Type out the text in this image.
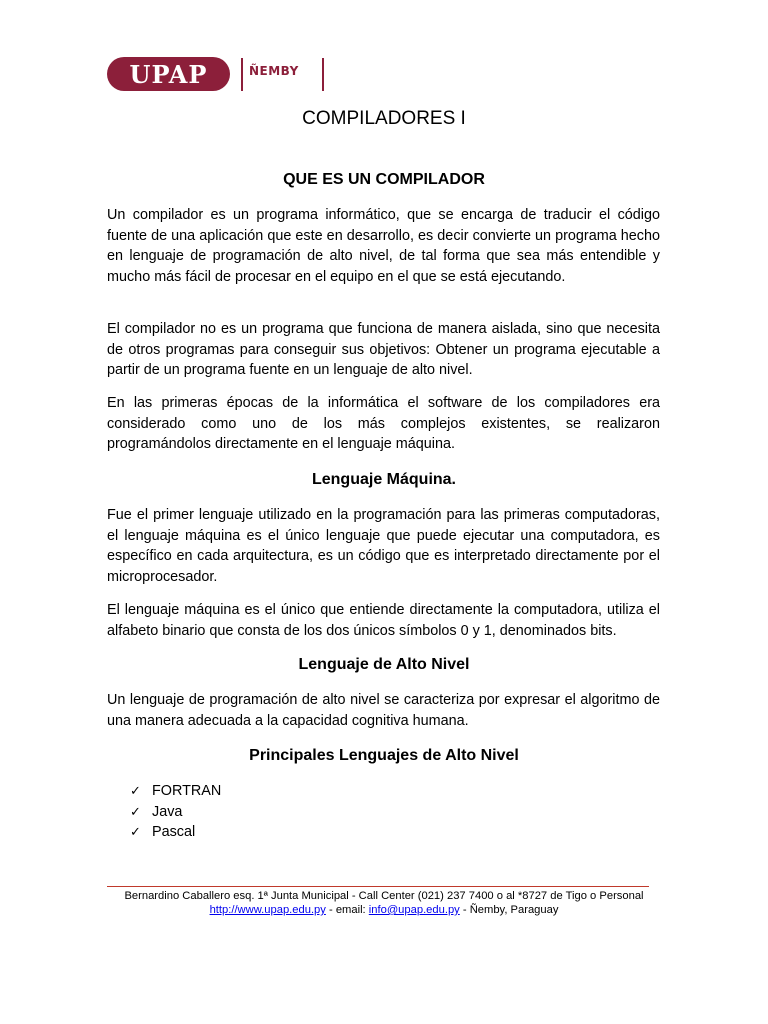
UPAP	ÑEMBY
COMPILADORES I
QUE ES UN COMPILADOR

Un compilador es un programa informático, que se encarga de traducir el código fuente de una aplicación que este en desarrollo, es decir convierte un programa hecho en lenguaje de programación de alto nivel, de tal forma que sea más entendible y mucho más fácil de procesar en el equipo en el que se está ejecutando.

El compilador no es un programa que funciona de manera aislada, sino que necesita de otros programas para conseguir sus objetivos: Obtener un programa ejecutable a partir de un programa fuente en un lenguaje de alto nivel.

En las primeras épocas de la informática el software de los compiladores era considerado como uno de los más complejos existentes, se realizaron programándolos directamente en el lenguaje máquina.

Lenguaje Máquina.

Fue el primer lenguaje utilizado en la programación para las primeras computadoras, el lenguaje máquina es el único lenguaje que puede ejecutar una computadora, es específico en cada arquitectura, es un código que es interpretado directamente por el microprocesador.

El lenguaje máquina es el único que entiende directamente la computadora, utiliza el alfabeto binario que consta de los dos únicos símbolos 0 y 1, denominados bits.

Lenguaje de Alto Nivel

Un lenguaje de programación de alto nivel se caracteriza por expresar el algoritmo de una manera adecuada a la capacidad cognitiva humana.

Principales Lenguajes de Alto Nivel
✓ FORTRAN
✓ Java
✓ Pascal
Bernardino Caballero esq. 1ª Junta Municipal - Call Center (021) 237 7400 o al *8727 de Tigo o Personal
http://www.upap.edu.py - email: info@upap.edu.py - Ñemby, Paraguay
